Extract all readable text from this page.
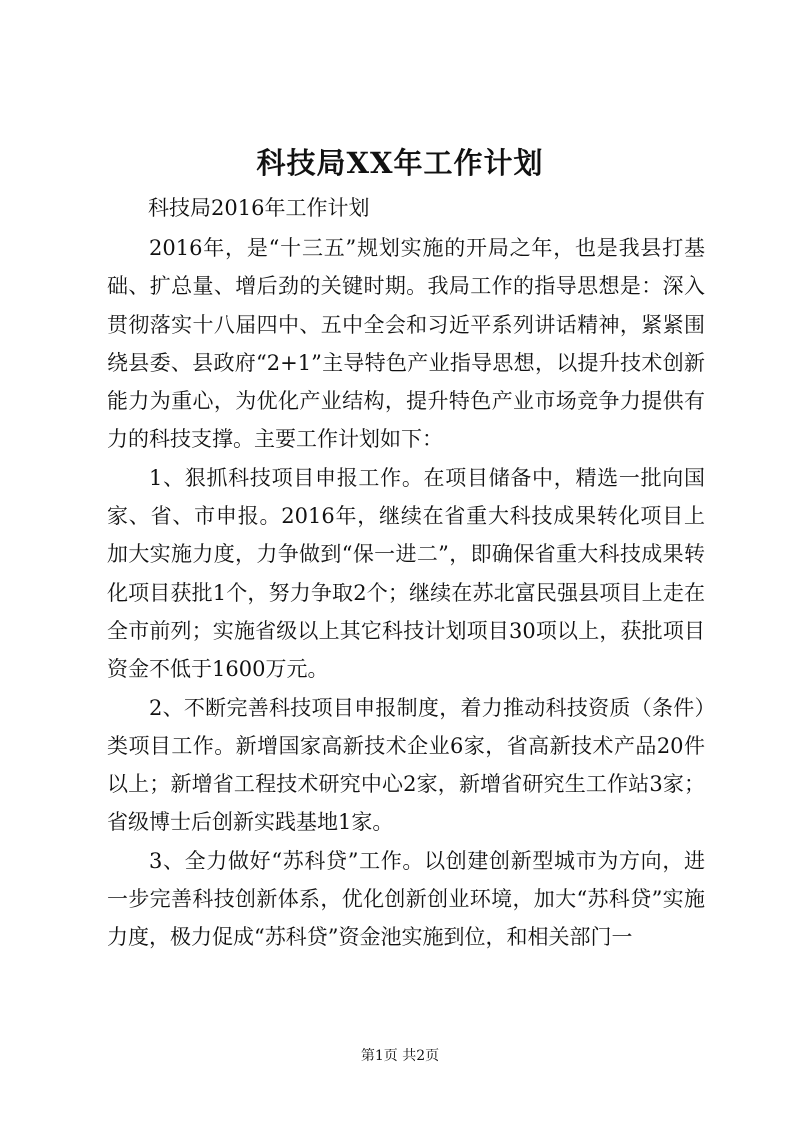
科技局XX年工作计划
科技局2016年工作计划

2016年，是“十三五”规划实施的开局之年，也是我县打基础、扩总量、增后劲的关键时期。我局工作的指导思想是：深入贯彻落实十八届四中、五中全会和习近平系列讲话精神，紧紧围绕县委、县政府“2+1”主导特色产业指导思想，以提升技术创新能力为重心，为优化产业结构，提升特色产业市场竞争力提供有力的科技支撑。主要工作计划如下：

1、狠抓科技项目申报工作。在项目储备中，精选一批向国家、省、市申报。2016年，继续在省重大科技成果转化项目上加大实施力度，力争做到“保一进二”，即确保省重大科技成果转化项目获批1个，努力争取2个；继续在苏北富民强县项目上走在全市前列；实施省级以上其它科技计划项目30项以上，获批项目资金不低于1600万元。

2、不断完善科技项目申报制度，着力推动科技资质（条件）类项目工作。新增国家高新技术企业6家，省高新技术产品20件以上；新增省工程技术研究中心2家，新增省研究生工作站3家；省级博士后创新实践基地1家。

3、全力做好“苏科贷”工作。以创建创新型城市为方向，进一步完善科技创新体系，优化创新创业环境，加大“苏科贷”实施力度，极力促成“苏科贷”资金池实施到位，和相关部门一

第1页 共2页
